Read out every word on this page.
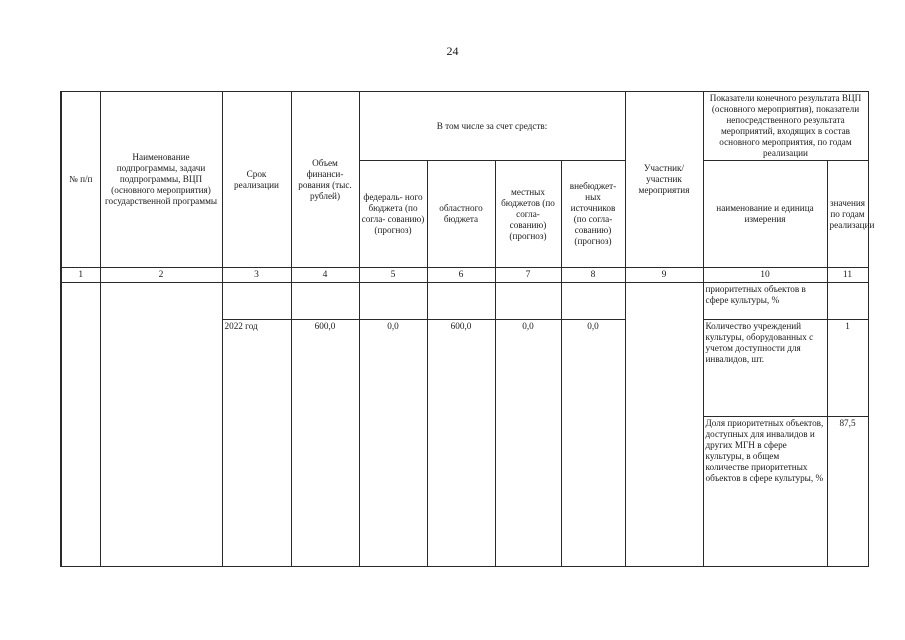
24
№ п/п	Наименование подпрограммы, задачи подпрограммы, ВЦП (основного мероприятия) государственной программы	Срок реализации	Объем финанси- рования (тыс. рублей)	В том числе за счет средств:				Участник/ участник мероприятия	Показатели конечного результата ВЦП (основного мероприятия), показатели непосредственного результата мероприятий, входящих в состав основного мероприятия, по годам реализации	
				федераль- ного бюджета (по согла- сованию) (прогноз)	областного бюджета	местных бюджетов (по согла- сованию) (прогноз)	внебюджет- ных источников (по согла- сованию) (прогноз)		наименование и единица измерения	значения по годам реализации
1	2	3	4	5	6	7	8	9	10	11
									приоритетных объектов в сфере культуры, %	
		2022 год	600,0	0,0	600,0	0,0	0,0		Количество учреждений культуры, оборудованных с учетом доступности для инвалидов, шт.	1
									Доля приоритетных объектов, доступных для инвалидов и других МГН в сфере культуры, в общем количестве приоритетных объектов в сфере культуры, %	87,5
